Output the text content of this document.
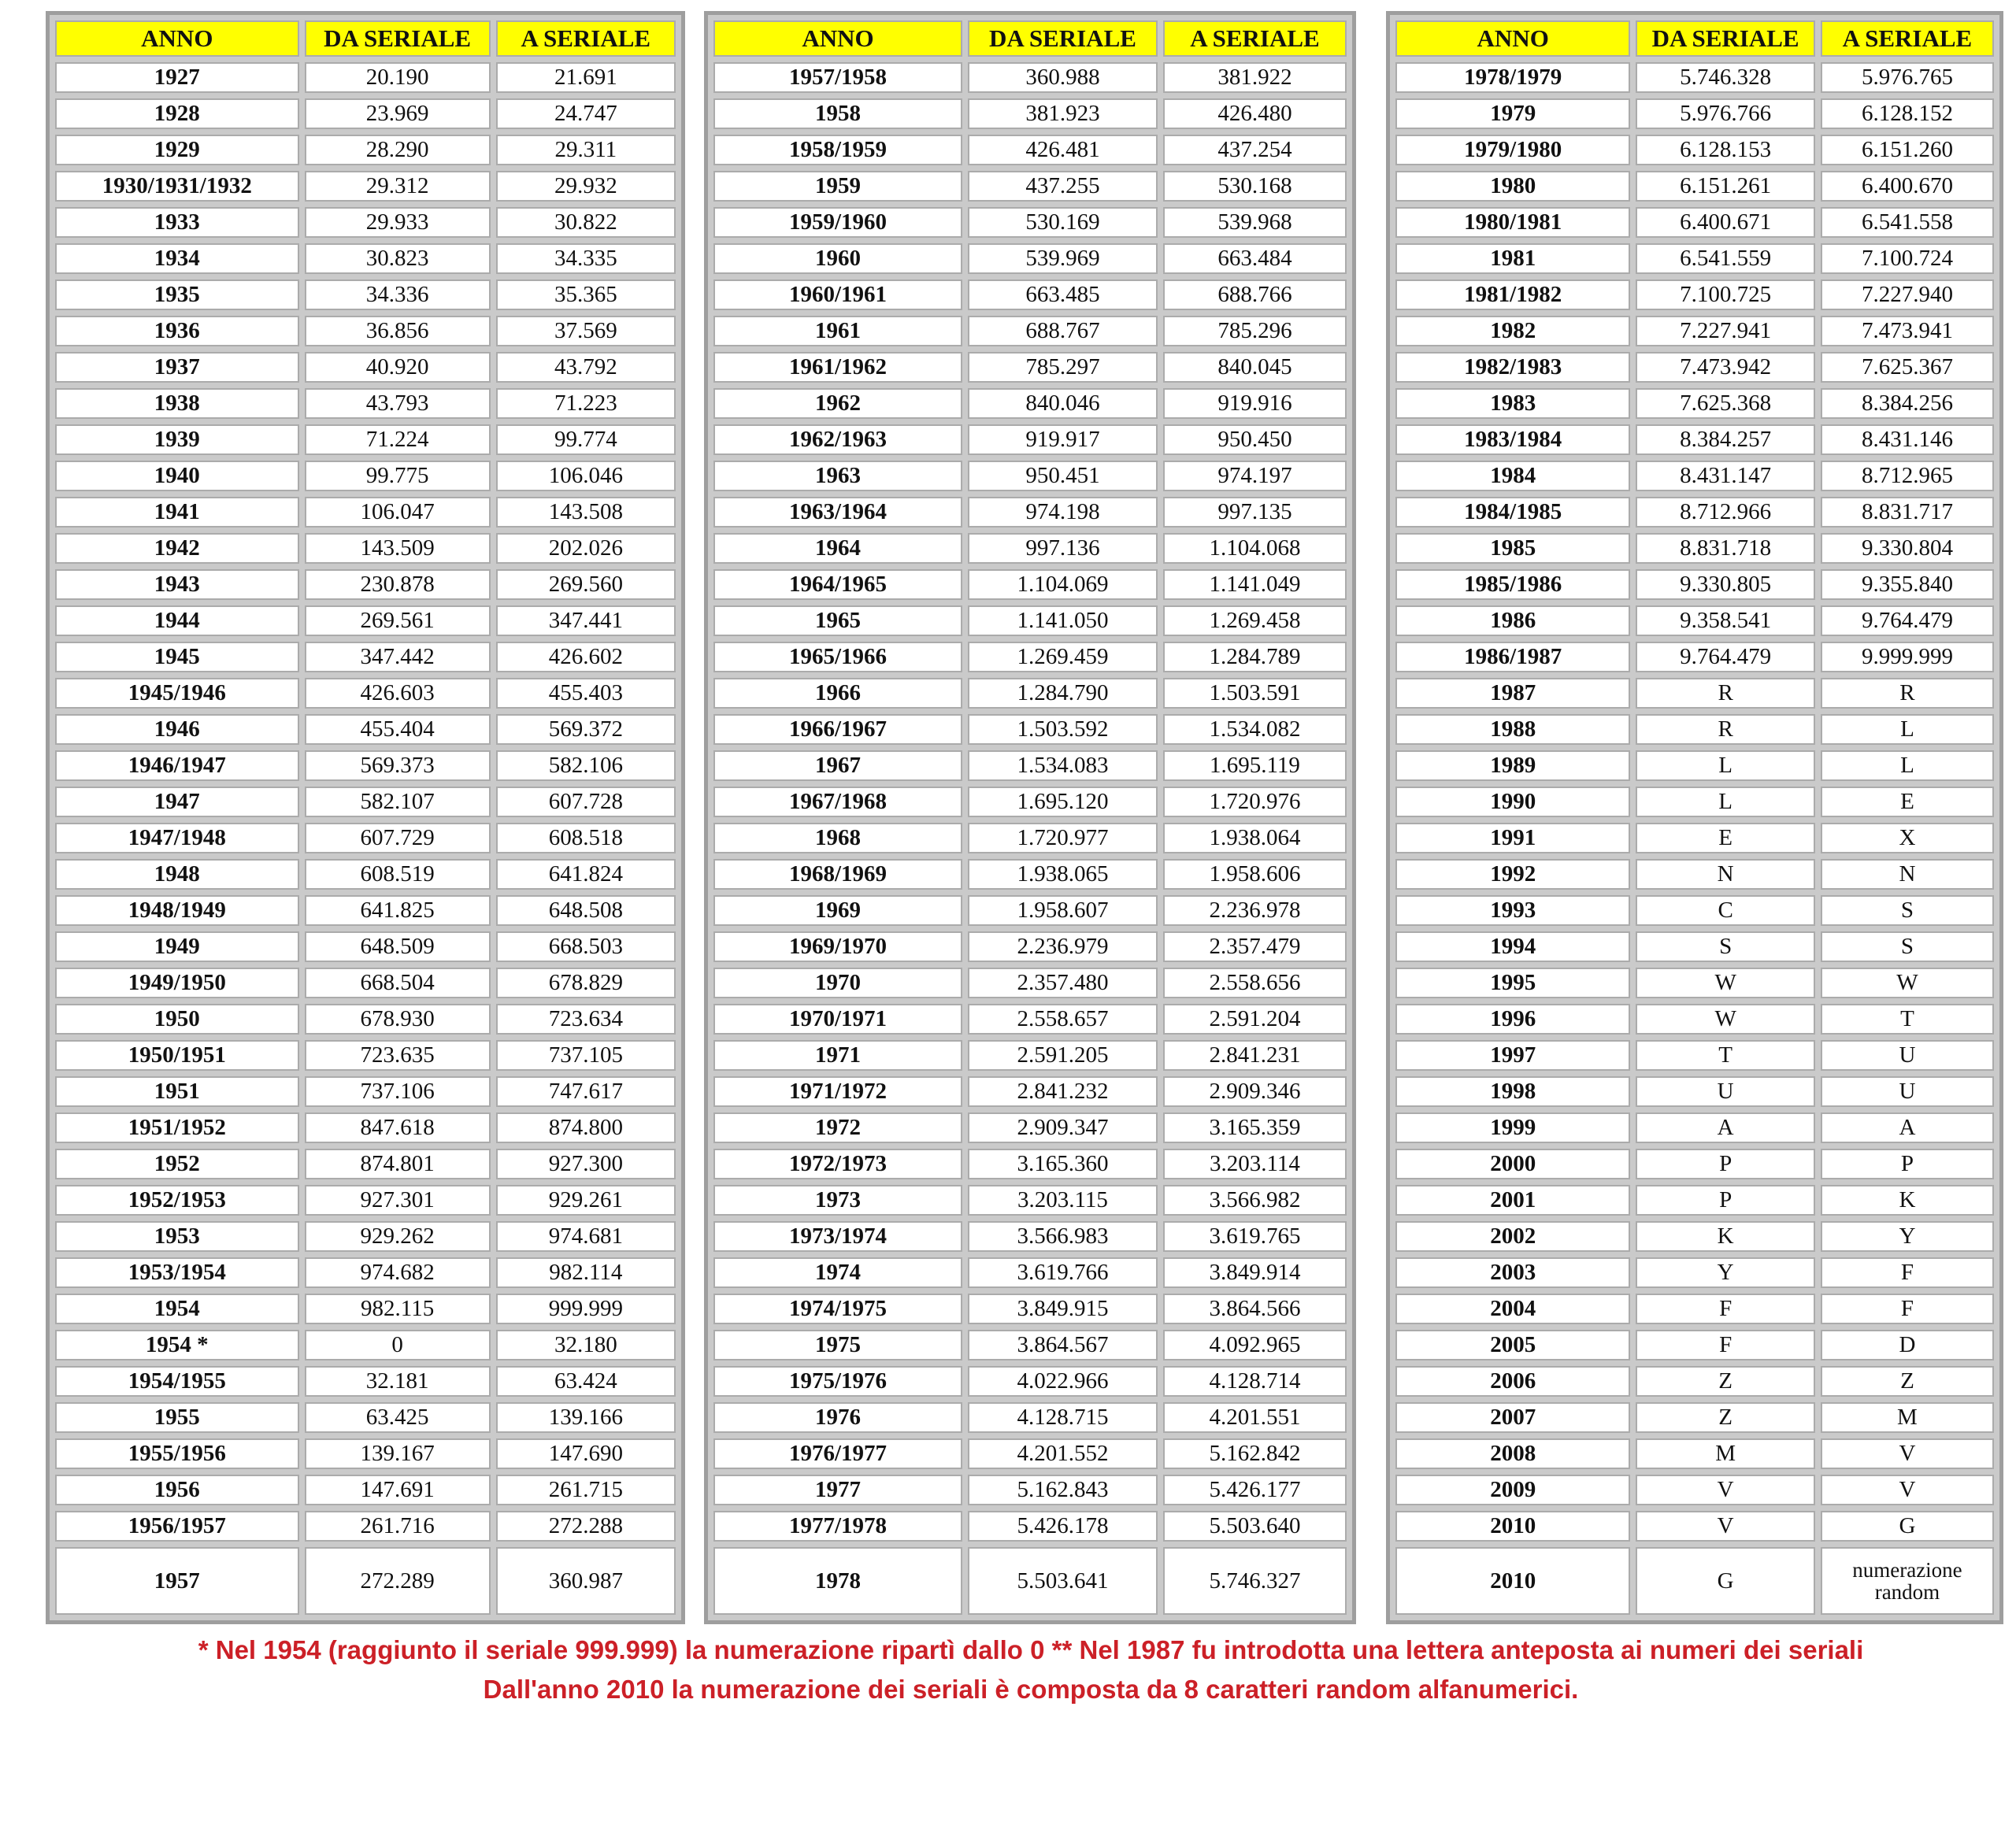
ANNO	DA SERIALE	A SERIALE
1927	20.190	21.691
1928	23.969	24.747
1929	28.290	29.311
1930/1931/1932	29.312	29.932
1933	29.933	30.822
1934	30.823	34.335
1935	34.336	35.365
1936	36.856	37.569
1937	40.920	43.792
1938	43.793	71.223
1939	71.224	99.774
1940	99.775	106.046
1941	106.047	143.508
1942	143.509	202.026
1943	230.878	269.560
1944	269.561	347.441
1945	347.442	426.602
1945/1946	426.603	455.403
1946	455.404	569.372
1946/1947	569.373	582.106
1947	582.107	607.728
1947/1948	607.729	608.518
1948	608.519	641.824
1948/1949	641.825	648.508
1949	648.509	668.503
1949/1950	668.504	678.829
1950	678.930	723.634
1950/1951	723.635	737.105
1951	737.106	747.617
1951/1952	847.618	874.800
1952	874.801	927.300
1952/1953	927.301	929.261
1953	929.262	974.681
1953/1954	974.682	982.114
1954	982.115	999.999
1954 *	0	32.180
1954/1955	32.181	63.424
1955	63.425	139.166
1955/1956	139.167	147.690
1956	147.691	261.715
1956/1957	261.716	272.288
1957	272.289	360.987
ANNO	DA SERIALE	A SERIALE
1957/1958	360.988	381.922
1958	381.923	426.480
1958/1959	426.481	437.254
1959	437.255	530.168
1959/1960	530.169	539.968
1960	539.969	663.484
1960/1961	663.485	688.766
1961	688.767	785.296
1961/1962	785.297	840.045
1962	840.046	919.916
1962/1963	919.917	950.450
1963	950.451	974.197
1963/1964	974.198	997.135
1964	997.136	1.104.068
1964/1965	1.104.069	1.141.049
1965	1.141.050	1.269.458
1965/1966	1.269.459	1.284.789
1966	1.284.790	1.503.591
1966/1967	1.503.592	1.534.082
1967	1.534.083	1.695.119
1967/1968	1.695.120	1.720.976
1968	1.720.977	1.938.064
1968/1969	1.938.065	1.958.606
1969	1.958.607	2.236.978
1969/1970	2.236.979	2.357.479
1970	2.357.480	2.558.656
1970/1971	2.558.657	2.591.204
1971	2.591.205	2.841.231
1971/1972	2.841.232	2.909.346
1972	2.909.347	3.165.359
1972/1973	3.165.360	3.203.114
1973	3.203.115	3.566.982
1973/1974	3.566.983	3.619.765
1974	3.619.766	3.849.914
1974/1975	3.849.915	3.864.566
1975	3.864.567	4.092.965
1975/1976	4.022.966	4.128.714
1976	4.128.715	4.201.551
1976/1977	4.201.552	5.162.842
1977	5.162.843	5.426.177
1977/1978	5.426.178	5.503.640
1978	5.503.641	5.746.327
ANNO	DA SERIALE	A SERIALE
1978/1979	5.746.328	5.976.765
1979	5.976.766	6.128.152
1979/1980	6.128.153	6.151.260
1980	6.151.261	6.400.670
1980/1981	6.400.671	6.541.558
1981	6.541.559	7.100.724
1981/1982	7.100.725	7.227.940
1982	7.227.941	7.473.941
1982/1983	7.473.942	7.625.367
1983	7.625.368	8.384.256
1983/1984	8.384.257	8.431.146
1984	8.431.147	8.712.965
1984/1985	8.712.966	8.831.717
1985	8.831.718	9.330.804
1985/1986	9.330.805	9.355.840
1986	9.358.541	9.764.479
1986/1987	9.764.479	9.999.999
1987	R	R
1988	R	L
1989	L	L
1990	L	E
1991	E	X
1992	N	N
1993	C	S
1994	S	S
1995	W	W
1996	W	T
1997	T	U
1998	U	U
1999	A	A
2000	P	P
2001	P	K
2002	K	Y
2003	Y	F
2004	F	F
2005	F	D
2006	Z	Z
2007	Z	M
2008	M	V
2009	V	V
2010	V	G
2010	G	numerazione random
* Nel 1954 (raggiunto il seriale 999.999) la numerazione ripartì dallo 0 ** Nel 1987 fu introdotta una lettera anteposta ai numeri dei seriali
Dall'anno 2010 la numerazione dei seriali è composta da 8 caratteri random alfanumerici.
